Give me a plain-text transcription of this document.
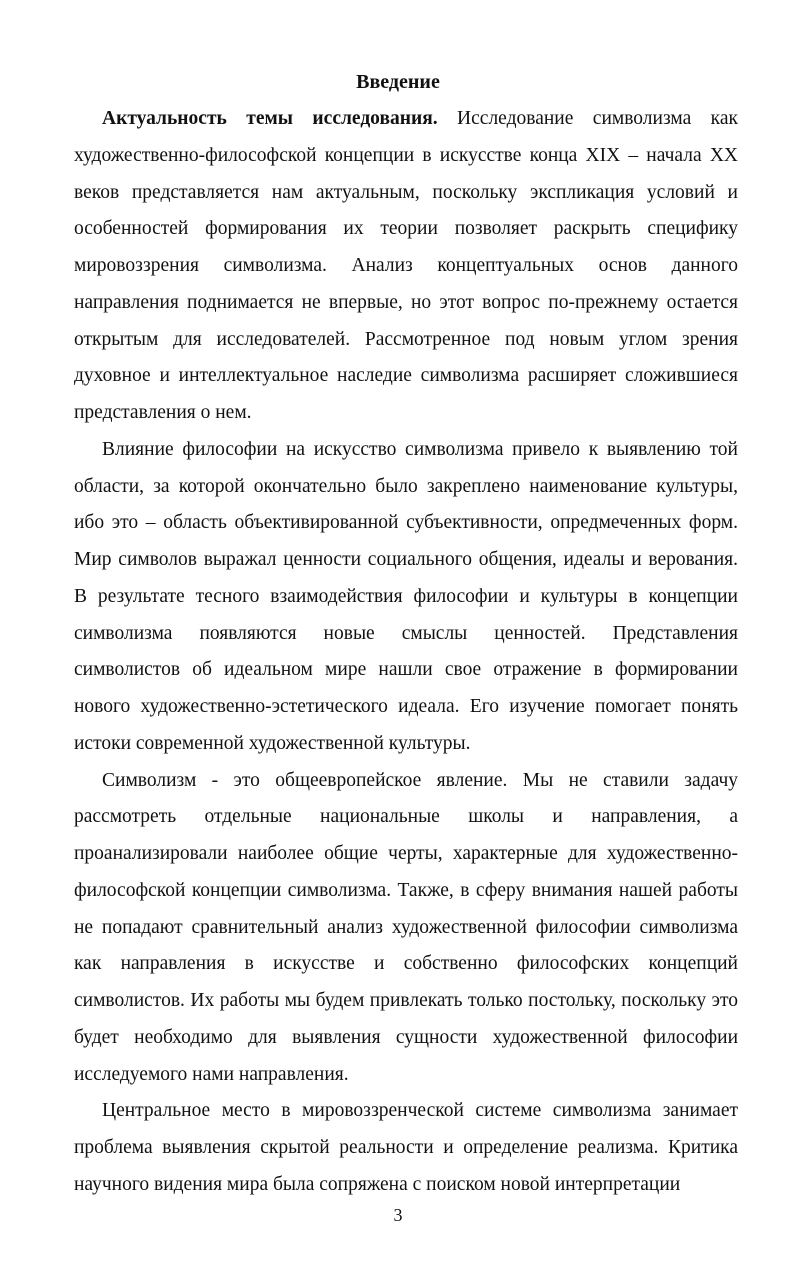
Введение

Актуальность темы исследования. Исследование символизма как художественно-философской концепции в искусстве конца XIX – начала XX веков представляется нам актуальным, поскольку экспликация условий и особенностей формирования их теории позволяет раскрыть специфику мировоззрения символизма. Анализ концептуальных основ данного направления поднимается не впервые, но этот вопрос по-прежнему остается открытым для исследователей. Рассмотренное под новым углом зрения духовное и интеллектуальное наследие символизма расширяет сложившиеся представления о нем.

Влияние философии на искусство символизма привело к выявлению той области, за которой окончательно было закреплено наименование культуры, ибо это – область объективированной субъективности, опредмеченных форм. Мир символов выражал ценности социального общения, идеалы и верования. В результате тесного взаимодействия философии и культуры в концепции символизма появляются новые смыслы ценностей. Представления символистов об идеальном мире нашли свое отражение в формировании нового художественно-эстетического идеала. Его изучение помогает понять истоки современной художественной культуры.

Символизм - это общеевропейское явление. Мы не ставили задачу рассмотреть отдельные национальные школы и направления, а проанализировали наиболее общие черты, характерные для художественно-философской концепции символизма. Также, в сферу внимания нашей работы не попадают сравнительный анализ художественной философии символизма как направления в искусстве и собственно философских концепций символистов. Их работы мы будем привлекать только постольку, поскольку это будет необходимо для выявления сущности художественной философии исследуемого нами направления.

Центральное место в мировоззренческой системе символизма занимает проблема выявления скрытой реальности и определение реализма. Критика научного видения мира была сопряжена с поиском новой интерпретации

3
